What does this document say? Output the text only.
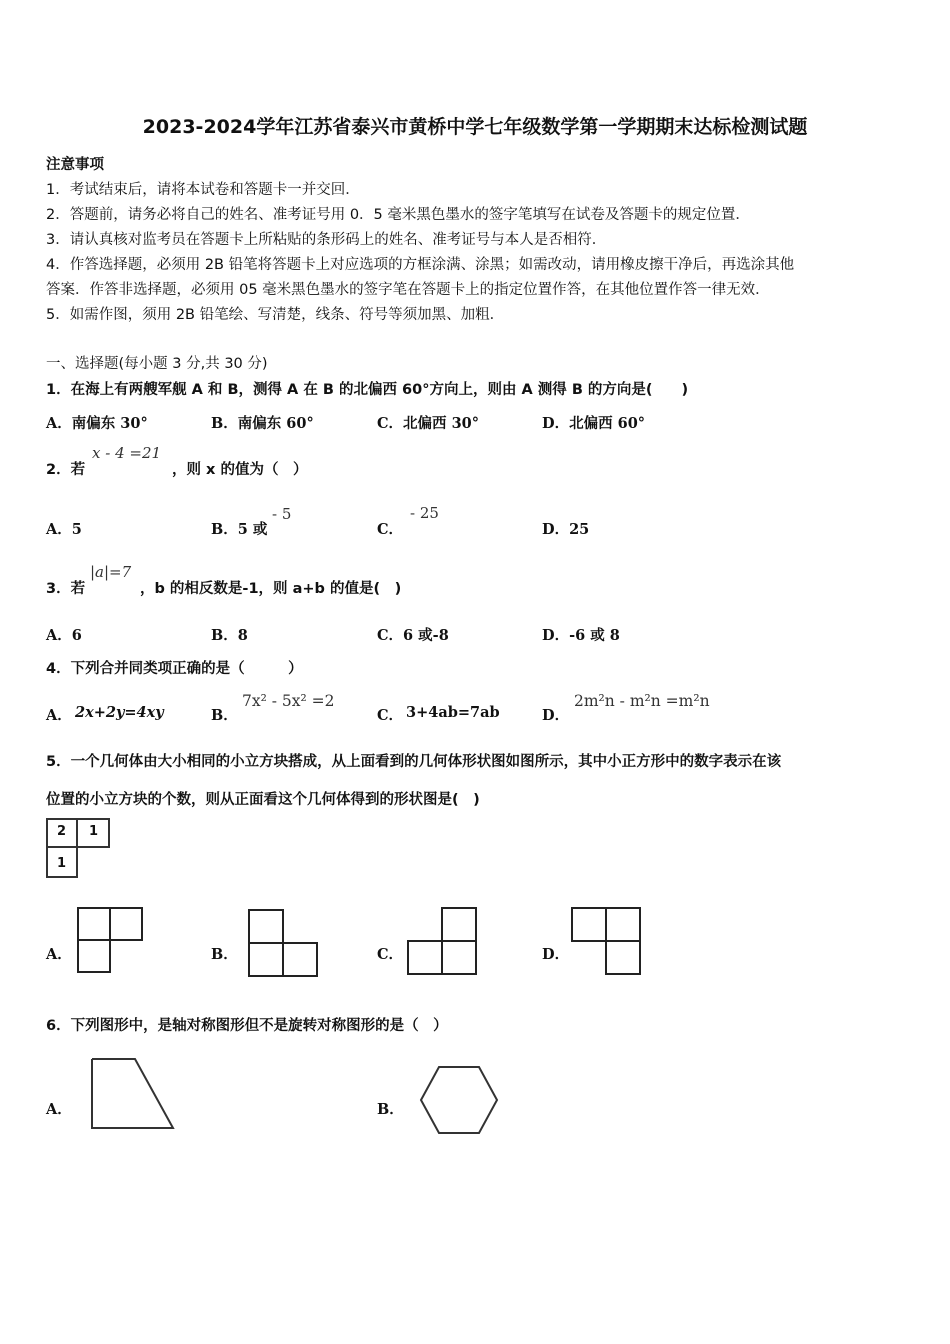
2023-2024学年江苏省泰兴市黄桥中学七年级数学第一学期期末达标检测试题
注意事项
1．考试结束后，请将本试卷和答题卡一并交回．
2．答题前，请务必将自己的姓名、准考证号用 0．5 毫米黑色墨水的签字笔填写在试卷及答题卡的规定位置．
3．请认真核对监考员在答题卡上所粘贴的条形码上的姓名、准考证号与本人是否相符．
4．作答选择题，必须用 2B 铅笔将答题卡上对应选项的方框涂满、涂黑；如需改动，请用橡皮擦干净后，再选涂其他
答案．作答非选择题，必须用 05 毫米黑色墨水的签字笔在答题卡上的指定位置作答，在其他位置作答一律无效．
5．如需作图，须用 2B 铅笔绘、写清楚，线条、符号等须加黑、加粗．
一、选择题(每小题 3 分,共 30 分)
1．在海上有两艘军舰 A 和 B，测得 A 在 B 的北偏西 60°方向上，则由 A 测得 B 的方向是(　　)
A．南偏东 30°	B．南偏东 60°	C．北偏西 30°	D．北偏西 60°
2．若
x - 4 =21
，则 x 的值为（　）
A．5	B．5 或
- 5
C．
- 25
D．25
3．若
|a|=7
，b 的相反数是-1，则 a+b 的值是(　)
A．6	B．8	C．6 或-8	D．-6 或 8
4．下列合并同类项正确的是（　　　）
A． 2x+2y=4xy	B．
7x² - 5x² =2
C． 3+4ab=7ab	D．
2m²n - m²n =m²n
5．一个几何体由大小相同的小立方块搭成，从上面看到的几何体形状图如图所示，其中小正方形中的数字表示在该
位置的小立方块的个数，则从正面看这个几何体得到的形状图是(　)
2 1
1
A．	B．	C．	D．
6．下列图形中，是轴对称图形但不是旋转对称图形的是（　）
A．	B．
